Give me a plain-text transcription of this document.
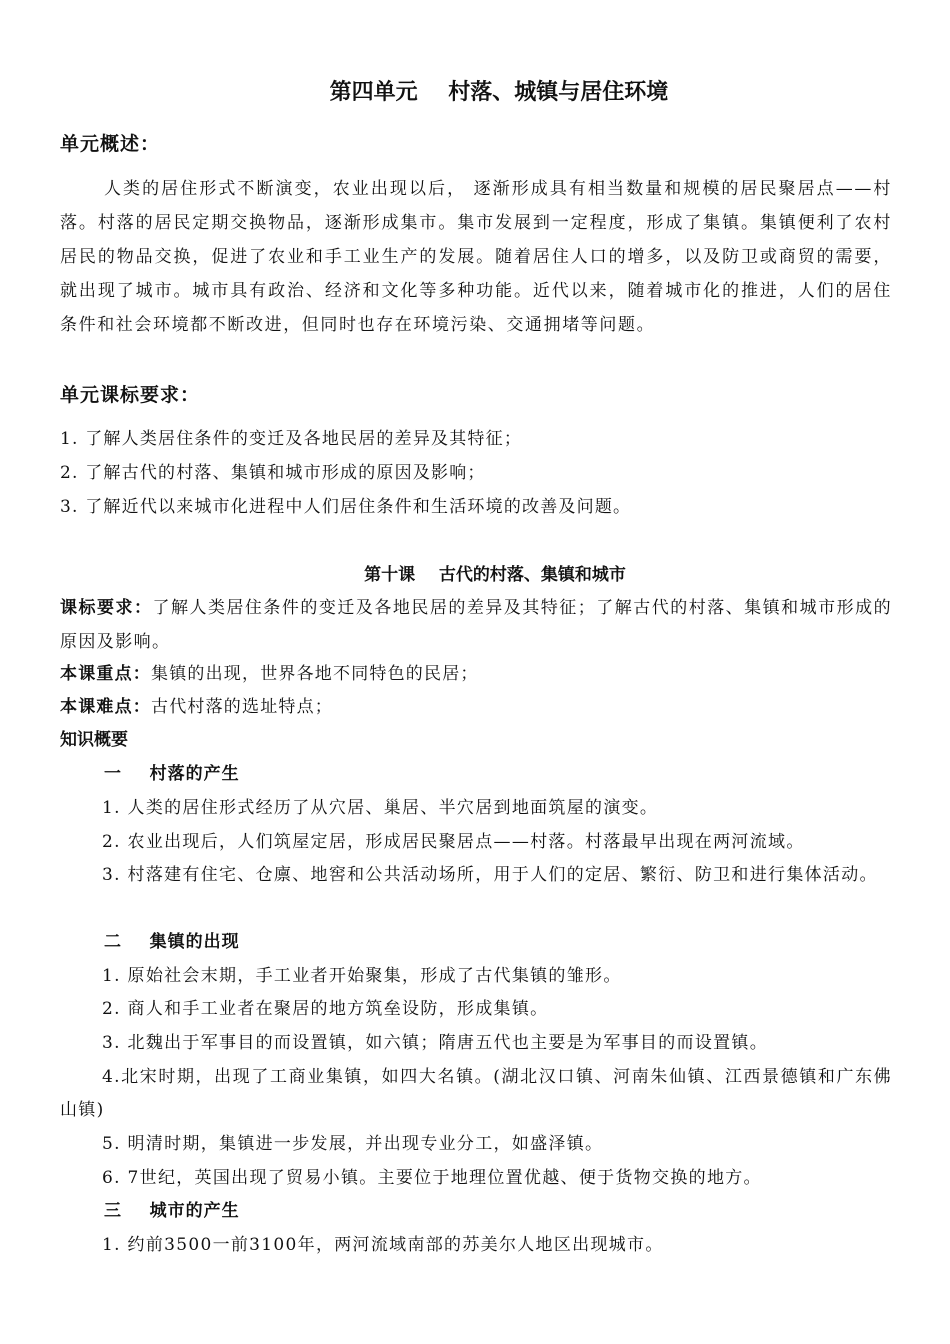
第四单元    村落、城镇与居住环境
单元概述：
人类的居住形式不断演变，农业出现以后， 逐渐形成具有相当数量和规模的居民聚居点——村落。村落的居民定期交换物品，逐渐形成集市。集市发展到一定程度，形成了集镇。集镇便利了农村居民的物品交换，促进了农业和手工业生产的发展。随着居住人口的增多，以及防卫或商贸的需要，就出现了城市。城市具有政治、经济和文化等多种功能。近代以来，随着城市化的推进，人们的居住条件和社会环境都不断改进，但同时也存在环境污染、交通拥堵等问题。
单元课标要求：
1. 了解人类居住条件的变迁及各地民居的差异及其特征；
2. 了解古代的村落、集镇和城市形成的原因及影响；
3. 了解近代以来城市化进程中人们居住条件和生活环境的改善及问题。
第十课    古代的村落、集镇和城市
课标要求：了解人类居住条件的变迁及各地民居的差异及其特征；了解古代的村落、集镇和城市形成的原因及影响。
本课重点：集镇的出现，世界各地不同特色的民居；
本课难点：古代村落的选址特点；
知识概要
一    村落的产生
1. 人类的居住形式经历了从穴居、巢居、半穴居到地面筑屋的演变。
2. 农业出现后，人们筑屋定居，形成居民聚居点——村落。村落最早出现在两河流域。
3. 村落建有住宅、仓廪、地窖和公共活动场所，用于人们的定居、繁衍、防卫和进行集体活动。
二    集镇的出现
1. 原始社会末期，手工业者开始聚集，形成了古代集镇的雏形。
2. 商人和手工业者在聚居的地方筑垒设防，形成集镇。
3. 北魏出于军事目的而设置镇，如六镇；隋唐五代也主要是为军事目的而设置镇。
4.北宋时期，出现了工商业集镇，如四大名镇。(湖北汉口镇、河南朱仙镇、江西景德镇和广东佛山镇)
5. 明清时期，集镇进一步发展，并出现专业分工，如盛泽镇。
6. 7世纪，英国出现了贸易小镇。主要位于地理位置优越、便于货物交换的地方。
三    城市的产生
1. 约前3500一前3100年，两河流域南部的苏美尔人地区出现城市。
